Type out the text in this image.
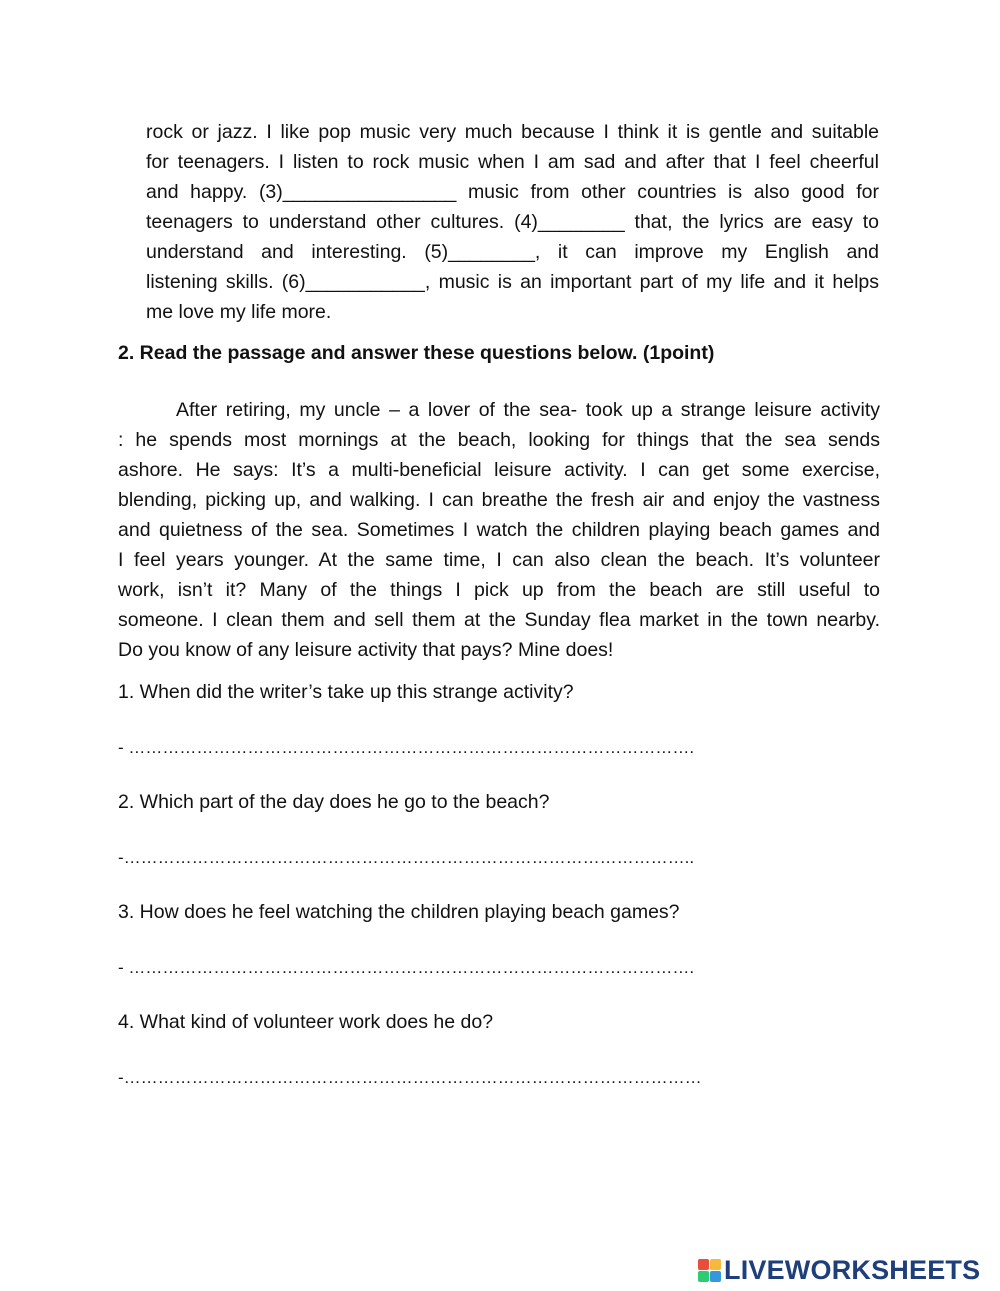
rock or jazz. I like pop music very much because I think it is gentle and suitable
for teenagers. I listen to rock music when I am sad and after that I feel cheerful
and happy. (3)________________ music from other countries is also good for
teenagers to understand other cultures. (4)________ that, the lyrics are easy to
understand and interesting. (5)________, it can improve my English and
listening skills. (6)___________, music is an important part of my life and it helps
me love my life more.

2. Read the passage and answer these questions below. (1point)

After retiring, my uncle – a lover of the sea- took up a strange leisure activity
: he spends most mornings at the beach, looking for things that the sea sends
ashore. He says: It’s a multi-beneficial leisure activity. I can get some exercise,
blending, picking up, and walking. I can breathe the fresh air and enjoy the vastness
and quietness of the sea. Sometimes I watch the children playing beach games and
I feel years younger. At the same time, I can also clean the beach. It’s volunteer
work, isn’t it? Many of the things I pick up from the beach are still useful to
someone. I clean them and sell them at the Sunday flea market in the town nearby.
Do you know of any leisure activity that pays? Mine does!

1. When did the writer’s take up this strange activity?

- ……………………………………………………………………………………….

2. Which part of the day does he go to the beach?

-………………………………………………………………………………………..

3. How does he feel watching the children playing beach games?

- ……………………………………………………………………………………….

4. What kind of volunteer work does he do?

-…………………………………………………………………………………………

LIVEWORKSHEETS
